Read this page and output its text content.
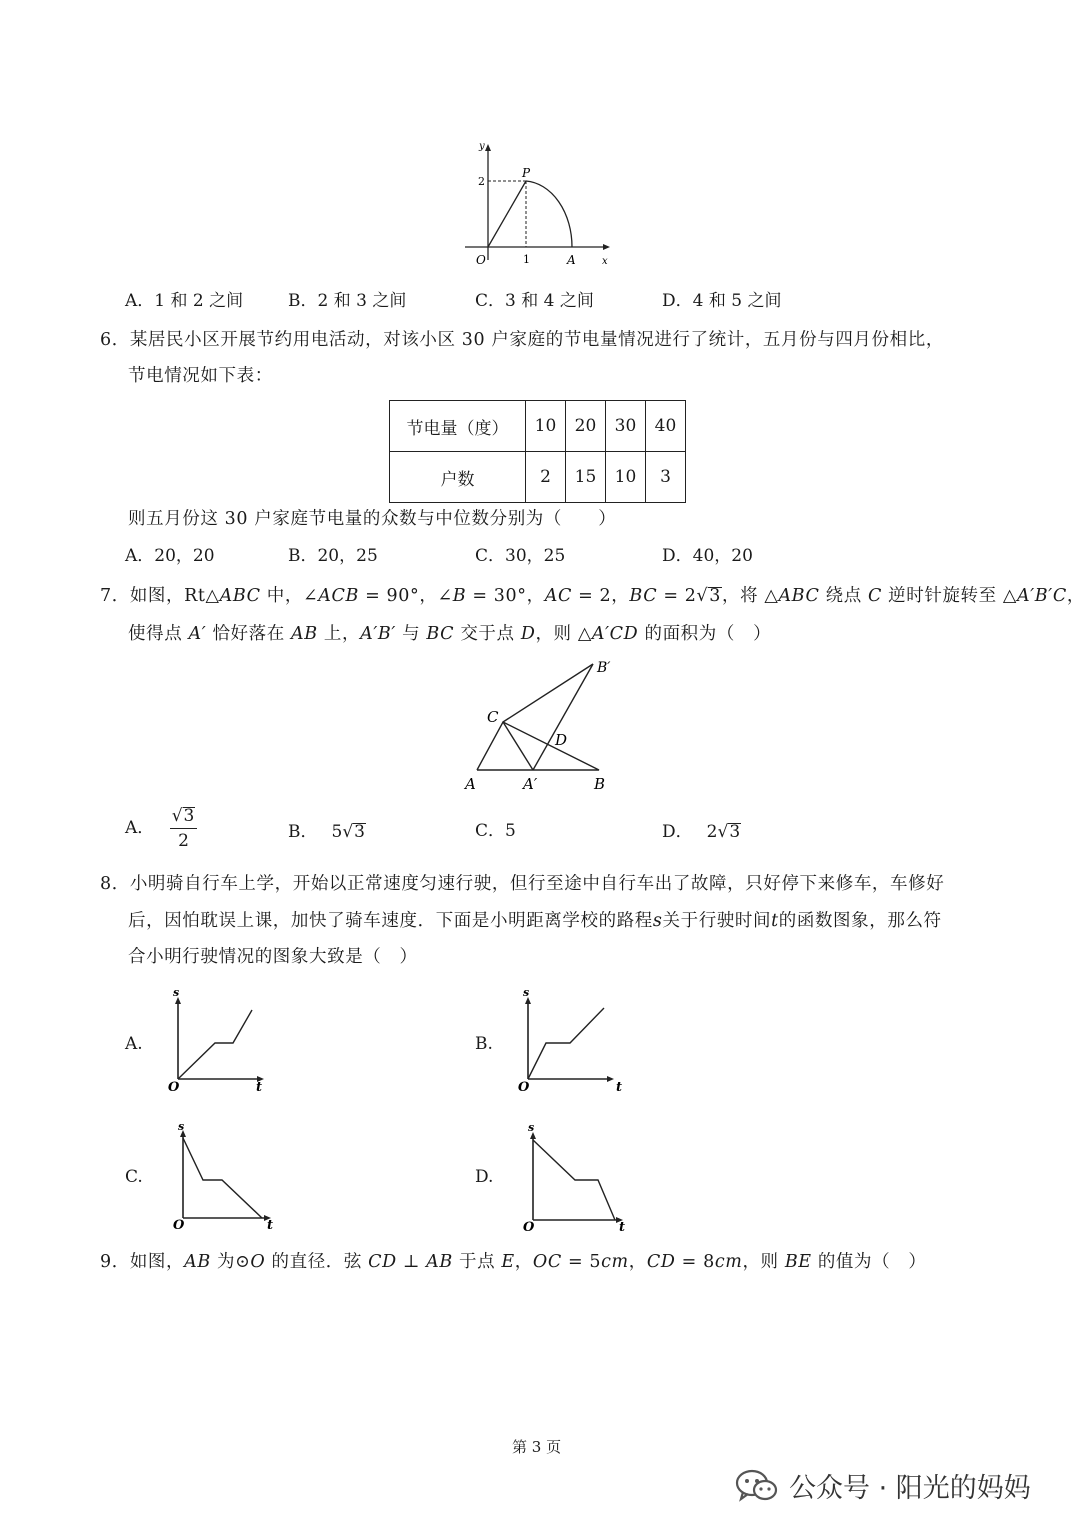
y
2
P
O	1	A	x
A．1 和 2 之间	B．2 和 3 之间	C．3 和 4 之间	D．4 和 5 之间
6．某居民小区开展节约用电活动，对该小区 30 户家庭的节电量情况进行了统计，五月份与四月份相比，
节电情况如下表：
节电量（度）	10	20	30	40
户数	2	15	10	3
则五月份这 30 户家庭节电量的众数与中位数分别为（　　）
A．20，20	B．20，25	C．30，25	D．40，20
7．如图，Rt△ABC 中，∠ACB = 90°，∠B = 30°，AC = 2，BC = 2√3，将 △ABC 绕点 C 逆时针旋转至 △A′B′C，
使得点 A′ 恰好落在 AB 上，A′B′ 与 BC 交于点 D，则 △A′CD 的面积为（　）
B′
C
D
A	A′	B
A． $\frac{√3}{2}$	B． 5√3	C．5	D． 2√3
8．小明骑自行车上学，开始以正常速度匀速行驶，但行至途中自行车出了故障，只好停下来修车，车修好
后，因怕耽误上课，加快了骑车速度．下面是小明距离学校的路程s关于行驶时间t的函数图象，那么符
合小明行驶情况的图象大致是（　）
A.
s
O	t
B.
s
O	t
C.
s
O	t
D.
s
O	t
9．如图，AB 为⊙O 的直径．弦 CD ⊥ AB 于点 E，OC = 5cm，CD = 8cm，则 BE 的值为（　）
第 3 页
公众号 · 阳光的妈妈
